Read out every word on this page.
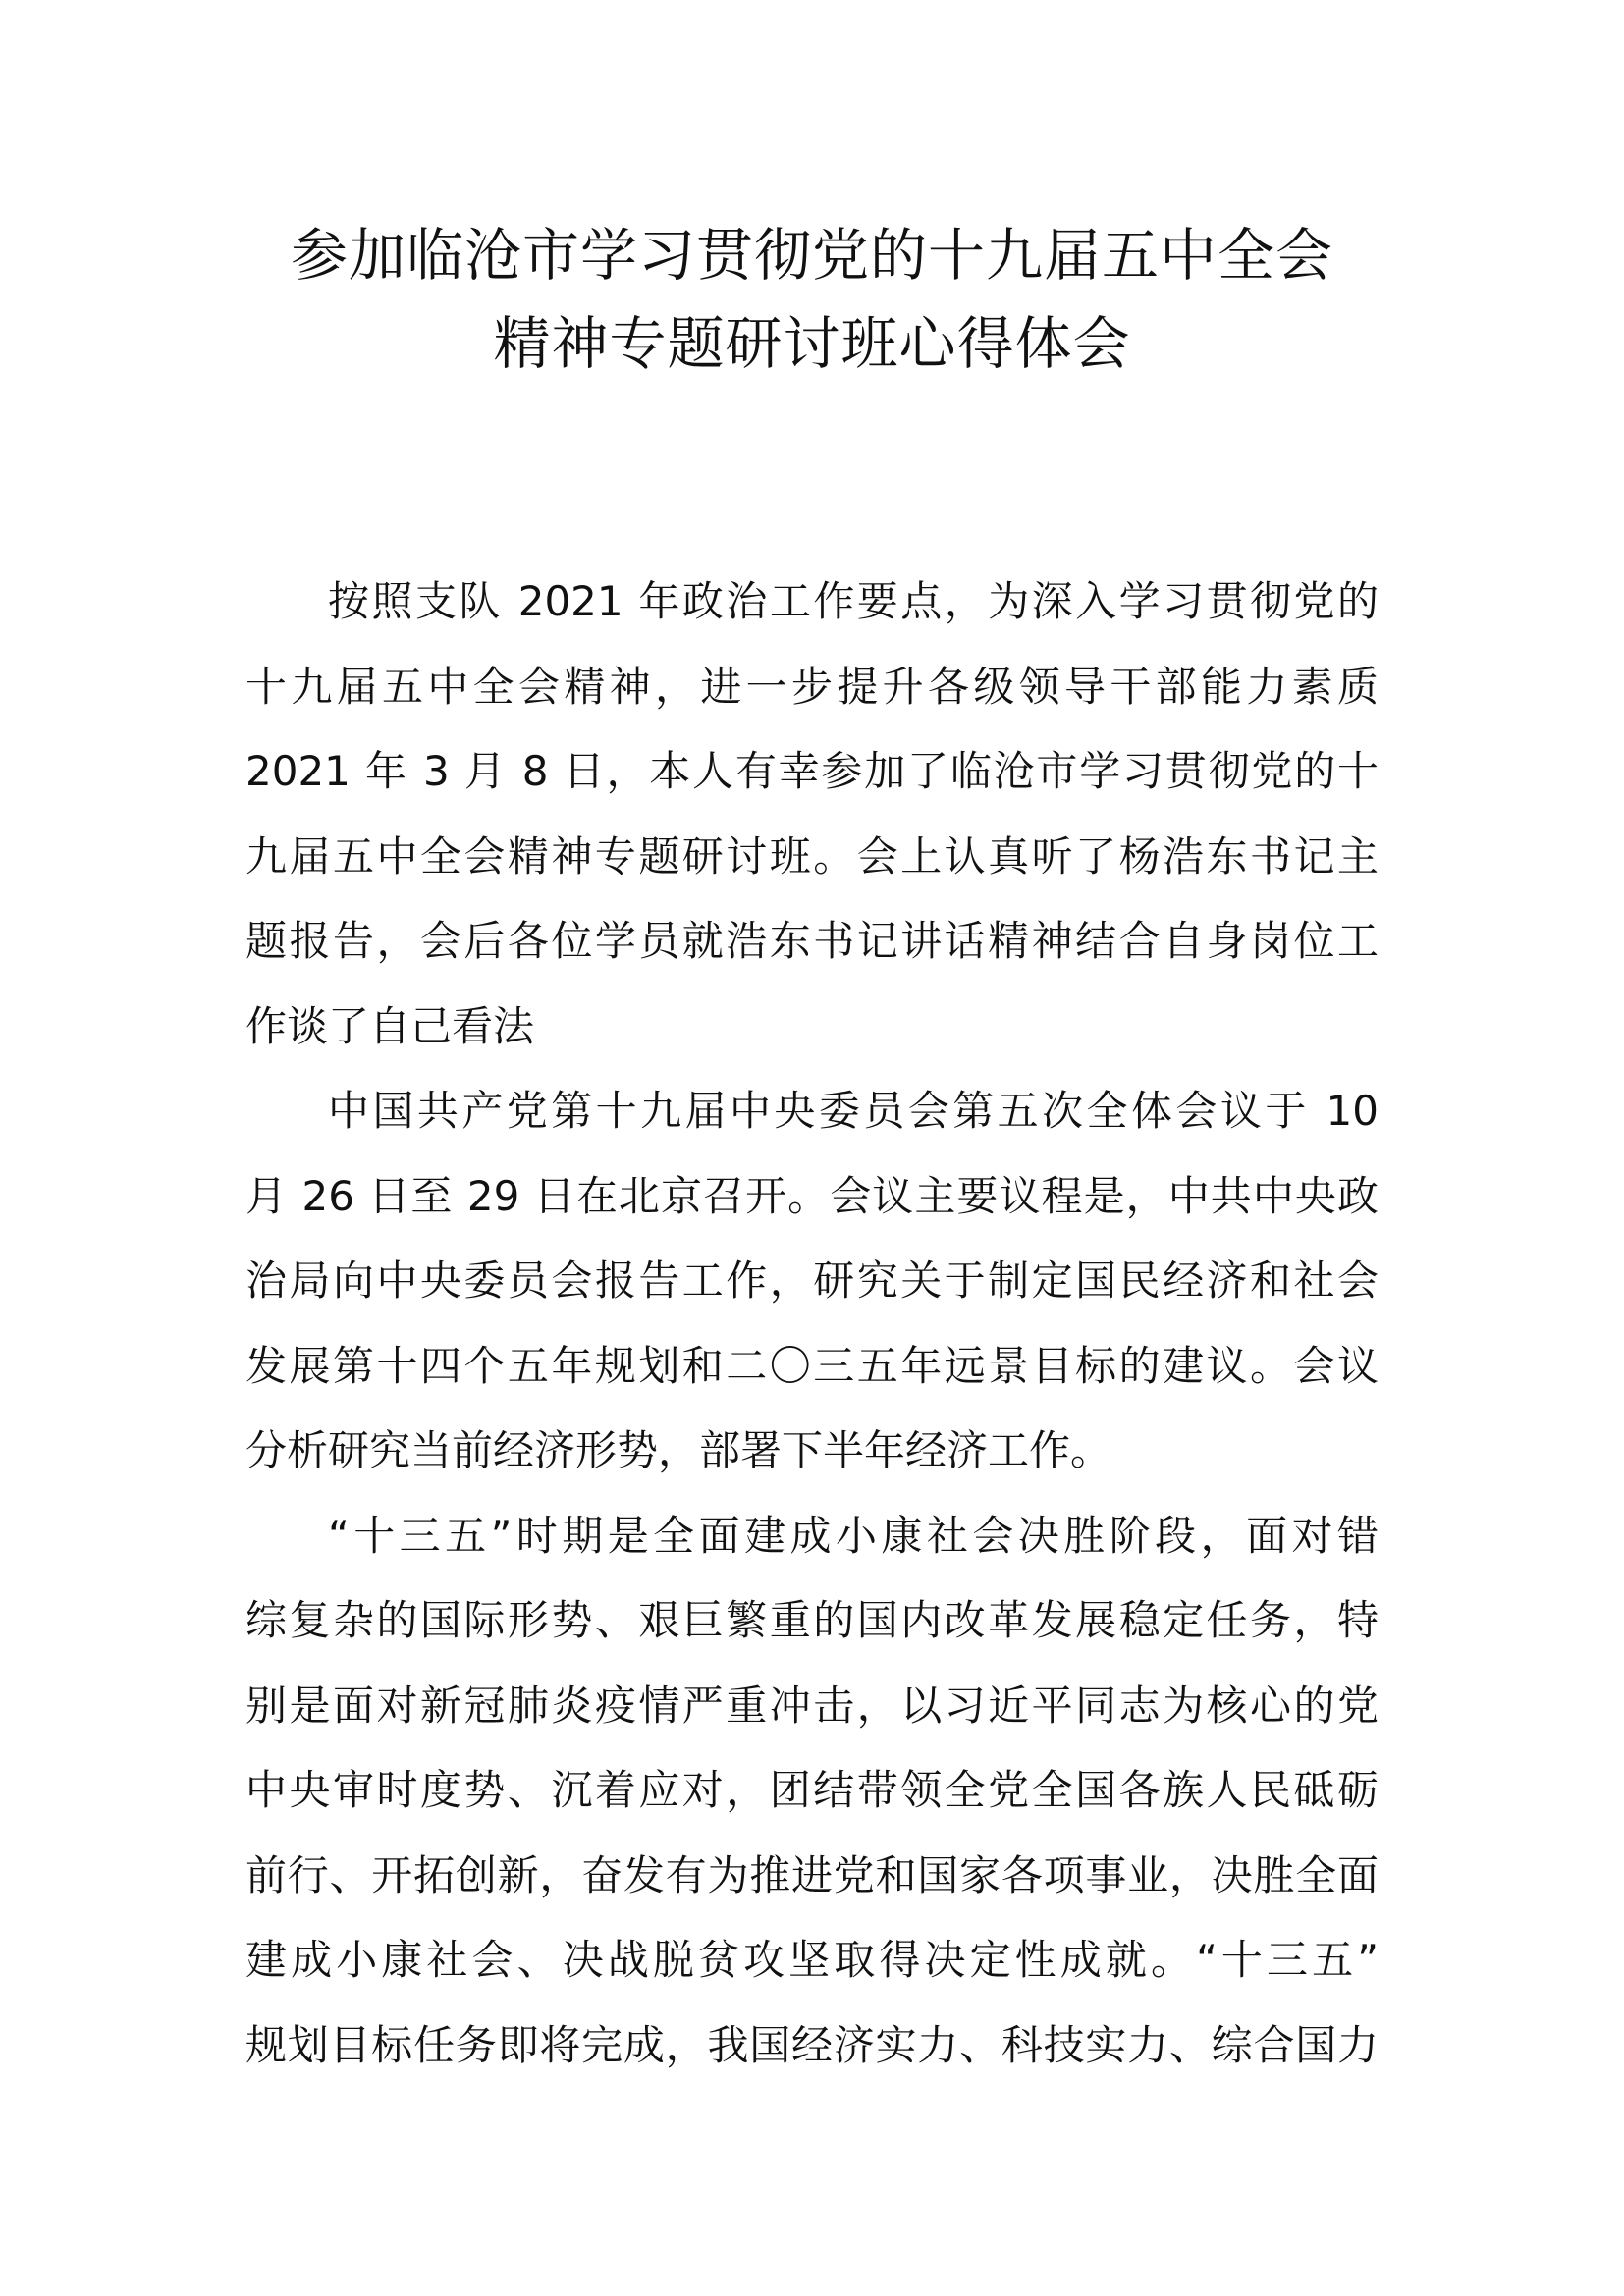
参加临沧市学习贯彻党的十九届五中全会
精神专题研讨班心得体会
按照支队 2021 年政治工作要点，为深入学习贯彻党的
十九届五中全会精神，进一步提升各级领导干部能力素质
2021 年 3 月 8 日，本人有幸参加了临沧市学习贯彻党的十
九届五中全会精神专题研讨班。会上认真听了杨浩东书记主
题报告，会后各位学员就浩东书记讲话精神结合自身岗位工
作谈了自己看法
中国共产党第十九届中央委员会第五次全体会议于 10
月 26 日至 29 日在北京召开。会议主要议程是，中共中央政
治局向中央委员会报告工作，研究关于制定国民经济和社会
发展第十四个五年规划和二〇三五年远景目标的建议。会议
分析研究当前经济形势，部署下半年经济工作。
“十三五”时期是全面建成小康社会决胜阶段，面对错
综复杂的国际形势、艰巨繁重的国内改革发展稳定任务，特
别是面对新冠肺炎疫情严重冲击，以习近平同志为核心的党
中央审时度势、沉着应对，团结带领全党全国各族人民砥砺
前行、开拓创新，奋发有为推进党和国家各项事业，决胜全面
建成小康社会、决战脱贫攻坚取得决定性成就。“十三五”
规划目标任务即将完成，我国经济实力、科技实力、综合国力
